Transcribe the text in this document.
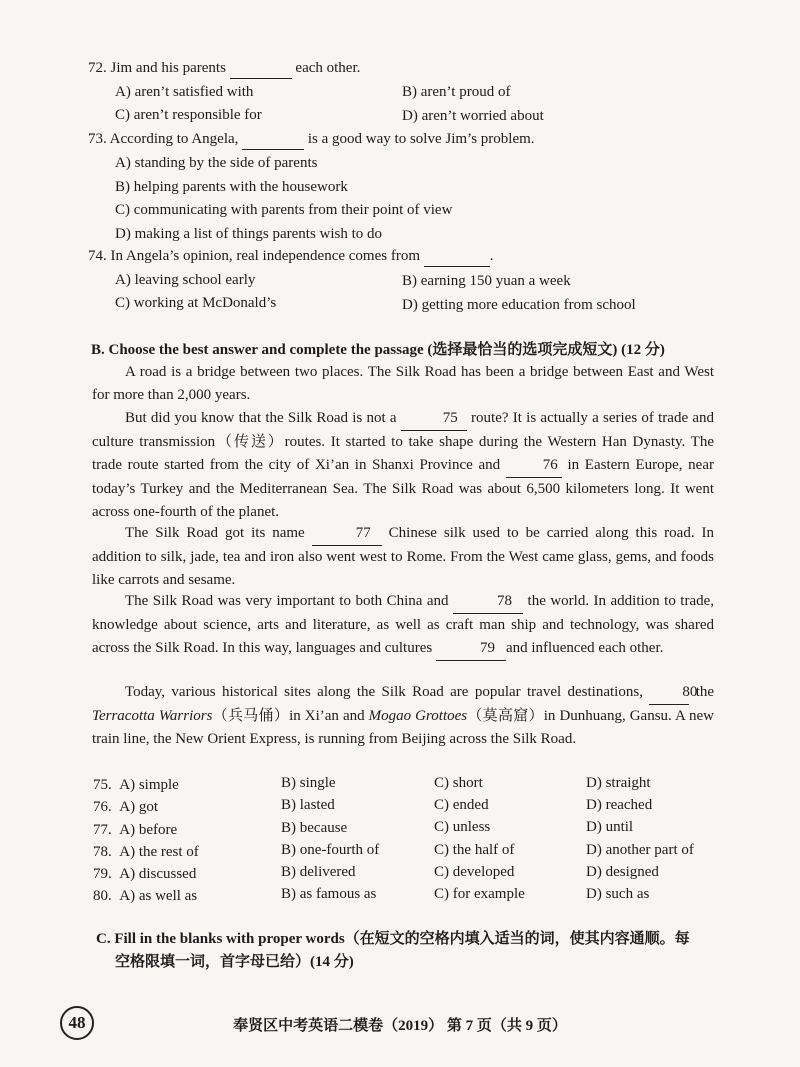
72. Jim and his parents	each other.
A) aren’t satisfied with	B) aren’t proud of
C) aren’t responsible for	D) aren’t worried about
73. According to Angela,	is a good way to solve Jim’s problem.
A) standing by the side of parents
B) helping parents with the housework
C) communicating with parents from their point of view
D) making a list of things parents wish to do
74. In Angela’s opinion, real independence comes from	.
A) leaving school early	B) earning 150 yuan a week
C) working at McDonald’s	D) getting more education from school
B. Choose the best answer and complete the passage (选择最恰当的选项完成短文) (12 分)
A road is a bridge between two places. The Silk Road has been a bridge between East and West for more than 2,000 years.
But did you know that the Silk Road is not a	75 route? It is actually a series of trade and culture transmission（传送）routes. It started to take shape during the Western Han Dynasty. The trade route started from the city of Xi’an in Shanxi Province and	76 in Eastern Europe, near today’s Turkey and the Mediterranean Sea. The Silk Road was about 6,500 kilometers long. It went across one-fourth of the planet.
The Silk Road got its name	77 Chinese silk used to be carried along this road. In addition to silk, jade, tea and iron also went west to Rome. From the West came glass, gems, and foods like carrots and sesame.
The Silk Road was very important to both China and	78 the world. In addition to trade, knowledge about science, arts and literature, as well as craft man ship and technology, was shared across the Silk Road. In this way, languages and cultures	79 and influenced each other.
Today, various historical sites along the Silk Road are popular travel destinations,	80 the Terracotta Warriors（兵马俑）in Xi’an and Mogao Grottoes（莫高窟）in Dunhuang, Gansu. A new train line, the New Orient Express, is running from Beijing across the Silk Road.
75. A) simple	B) single	C) short	D) straight
76. A) got	B) lasted	C) ended	D) reached
77. A) before	B) because	C) unless	D) until
78. A) the rest of	B) one-fourth of	C) the half of	D) another part of
79. A) discussed	B) delivered	C) developed	D) designed
80. A) as well as	B) as famous as	C) for example	D) such as
C. Fill in the blanks with proper words（在短文的空格内填入适当的词，使其内容通顺。每
空格限填一词，首字母已给）(14 分)
48	奉贤区中考英语二模卷（2019） 第 7 页（共 9 页）
